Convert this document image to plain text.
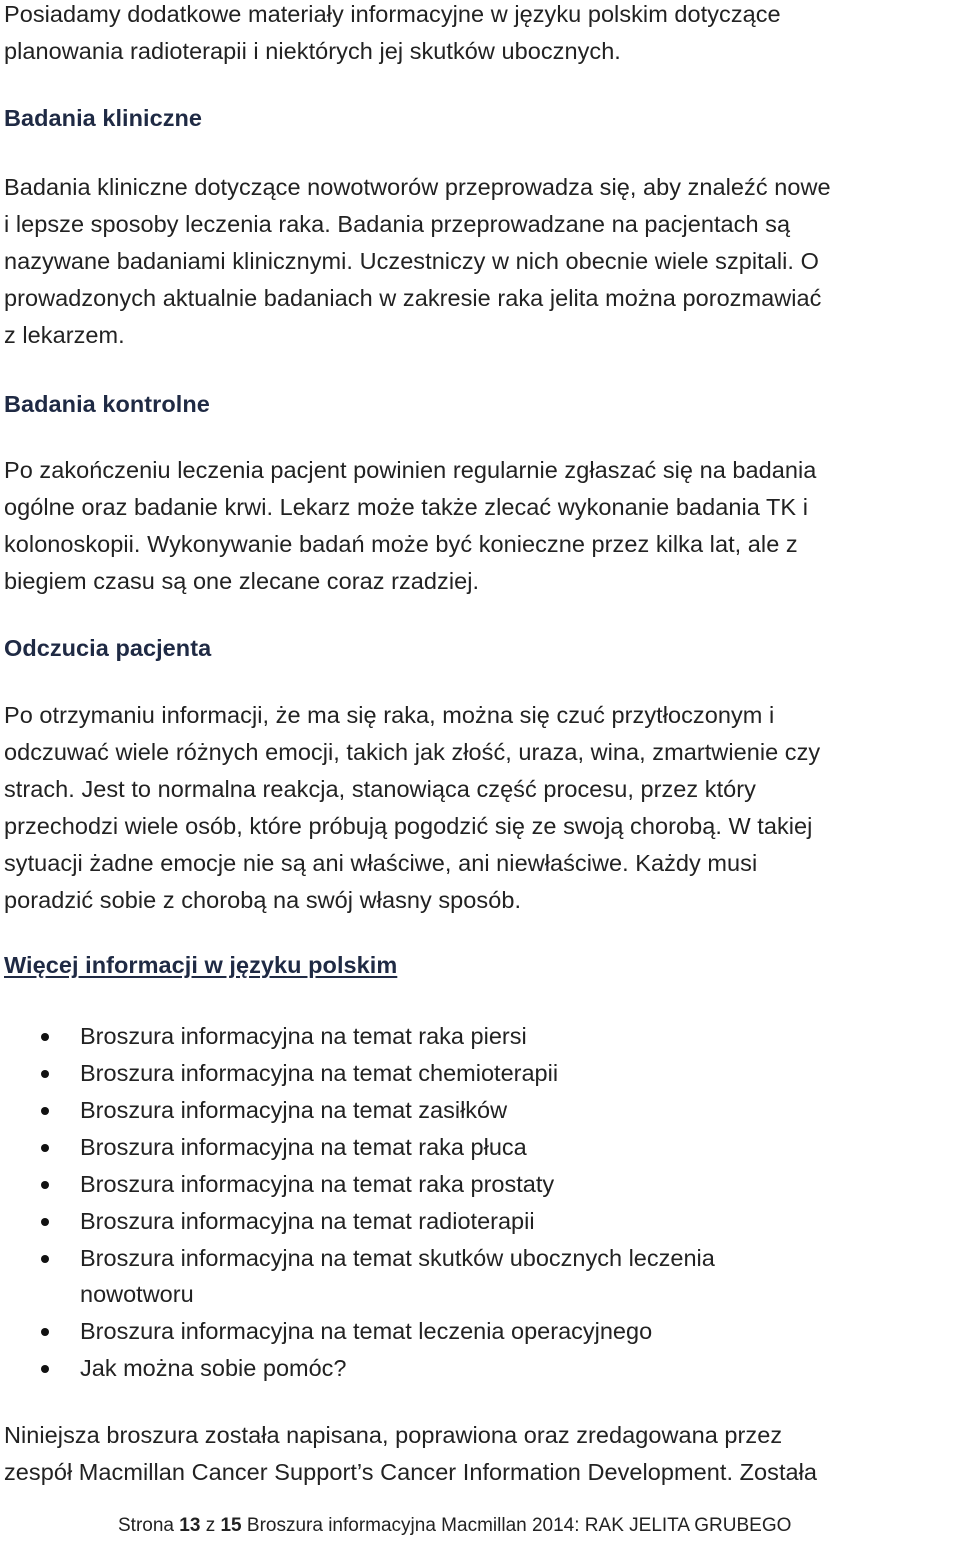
Posiadamy dodatkowe materiały informacyjne w języku polskim dotyczące
planowania radioterapii i niektórych jej skutków ubocznych.
Badania kliniczne
Badania kliniczne dotyczące nowotworów przeprowadza się, aby znaleźć nowe
i lepsze sposoby leczenia raka. Badania przeprowadzane na pacjentach są
nazywane badaniami klinicznymi. Uczestniczy w nich obecnie wiele szpitali. O
prowadzonych aktualnie badaniach w zakresie raka jelita można porozmawiać
z lekarzem.
Badania kontrolne
Po zakończeniu leczenia pacjent powinien regularnie zgłaszać się na badania
ogólne oraz badanie krwi. Lekarz może także zlecać wykonanie badania TK i
kolonoskopii. Wykonywanie badań może być konieczne przez kilka lat, ale z
biegiem czasu są one zlecane coraz rzadziej.
Odczucia pacjenta
Po otrzymaniu informacji, że ma się raka, można się czuć przytłoczonym i
odczuwać wiele różnych emocji, takich jak złość, uraza, wina, zmartwienie czy
strach. Jest to normalna reakcja, stanowiąca część procesu, przez który
przechodzi wiele osób, które próbują pogodzić się ze swoją chorobą. W takiej
sytuacji żadne emocje nie są ani właściwe, ani niewłaściwe. Każdy musi
poradzić sobie z chorobą na swój własny sposób.
Więcej informacji w języku polskim
Broszura informacyjna na temat raka piersi
Broszura informacyjna na temat chemioterapii
Broszura informacyjna na temat zasiłków
Broszura informacyjna na temat raka płuca
Broszura informacyjna na temat raka prostaty
Broszura informacyjna na temat radioterapii
Broszura informacyjna na temat skutków ubocznych leczenia
nowotworu
Broszura informacyjna na temat leczenia operacyjnego
Jak można sobie pomóc?
Niniejsza broszura została napisana, poprawiona oraz zredagowana przez
zespół Macmillan Cancer Support’s Cancer Information Development. Została
Strona 13 z 15 Broszura informacyjna Macmillan 2014: RAK JELITA GRUBEGO
